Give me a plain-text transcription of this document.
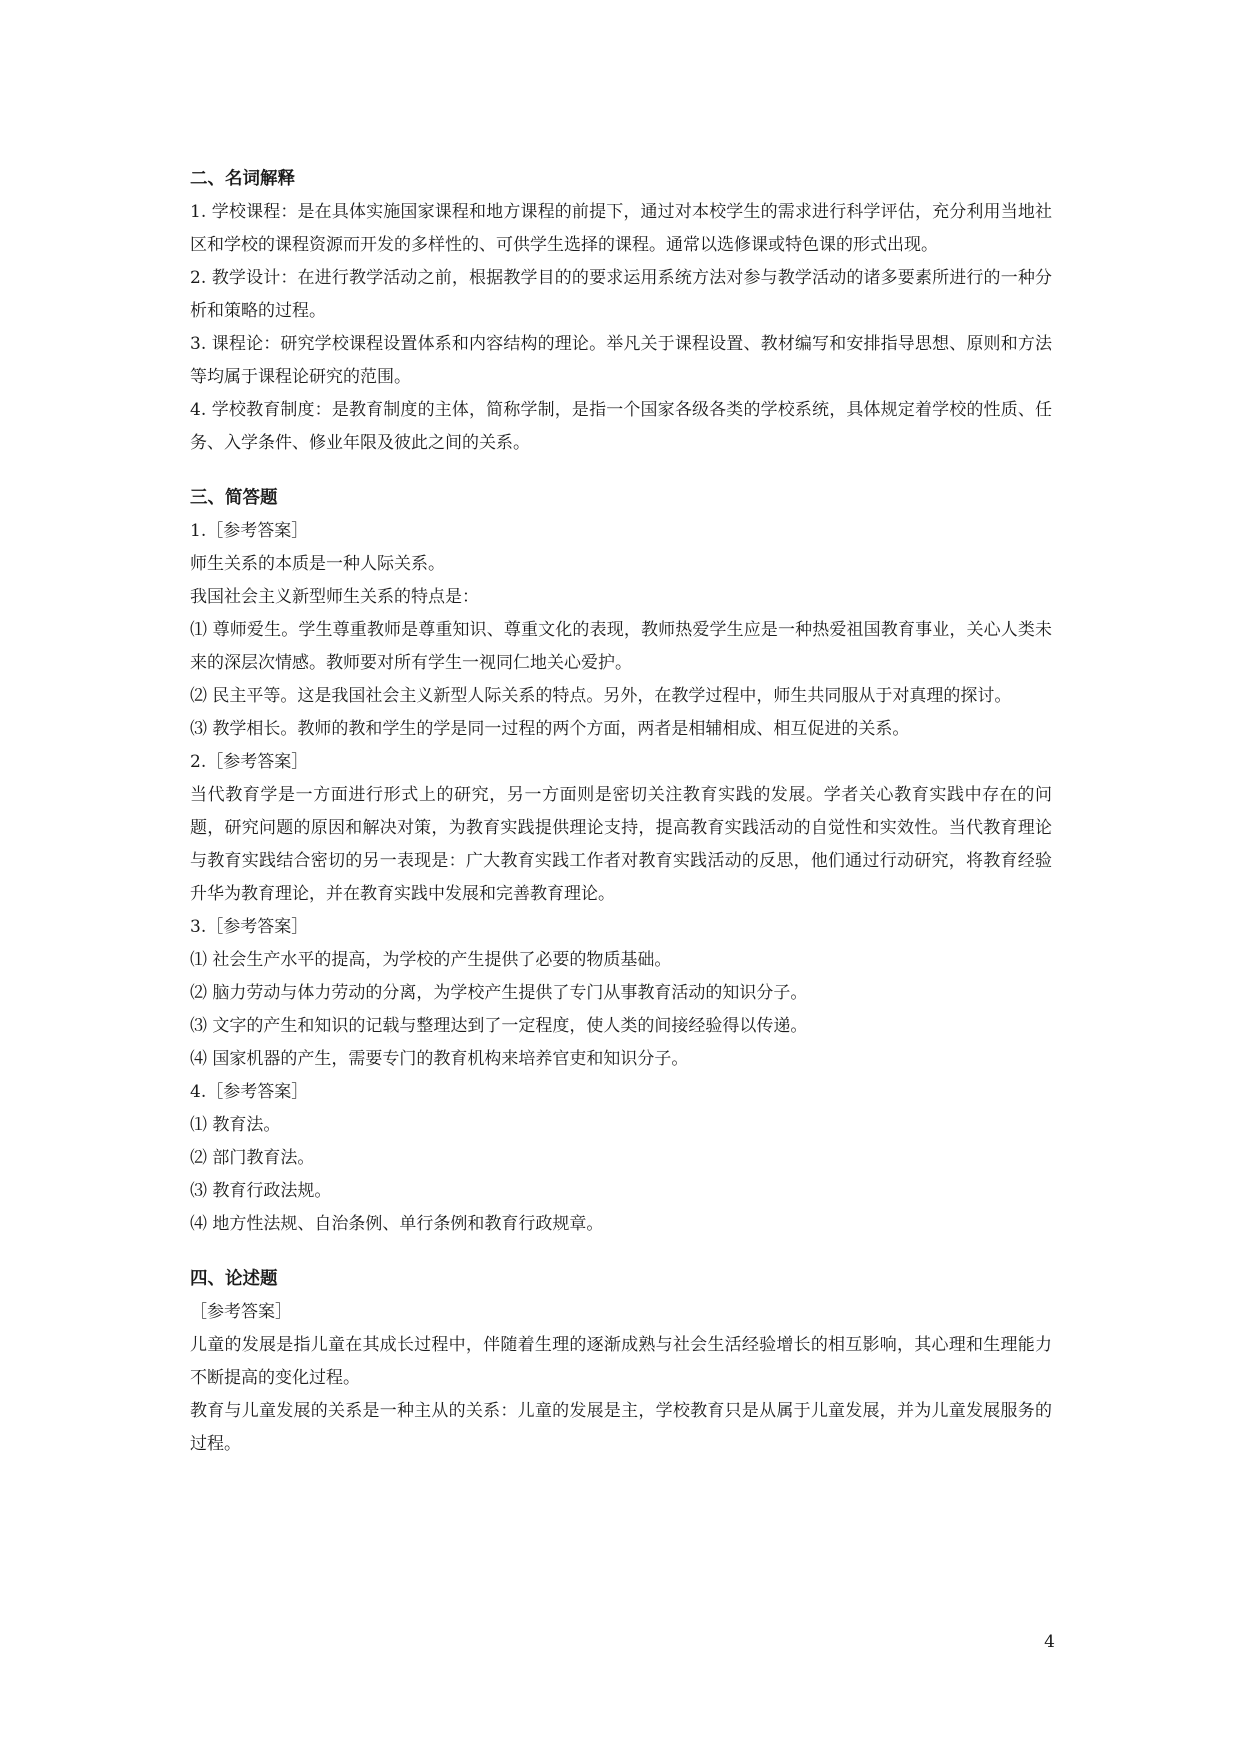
二、名词解释

1. 学校课程：是在具体实施国家课程和地方课程的前提下，通过对本校学生的需求进行科学评估，充分利用当地社区和学校的课程资源而开发的多样性的、可供学生选择的课程。通常以选修课或特色课的形式出现。

2. 教学设计：在进行教学活动之前，根据教学目的的要求运用系统方法对参与教学活动的诸多要素所进行的一种分析和策略的过程。

3. 课程论：研究学校课程设置体系和内容结构的理论。举凡关于课程设置、教材编写和安排指导思想、原则和方法等均属于课程论研究的范围。

4. 学校教育制度：是教育制度的主体，简称学制，是指一个国家各级各类的学校系统，具体规定着学校的性质、任务、入学条件、修业年限及彼此之间的关系。

三、简答题

1.［参考答案］

师生关系的本质是一种人际关系。

我国社会主义新型师生关系的特点是：

⑴ 尊师爱生。学生尊重教师是尊重知识、尊重文化的表现，教师热爱学生应是一种热爱祖国教育事业，关心人类未来的深层次情感。教师要对所有学生一视同仁地关心爱护。

⑵ 民主平等。这是我国社会主义新型人际关系的特点。另外，在教学过程中，师生共同服从于对真理的探讨。

⑶ 教学相长。教师的教和学生的学是同一过程的两个方面，两者是相辅相成、相互促进的关系。

2.［参考答案］

当代教育学是一方面进行形式上的研究，另一方面则是密切关注教育实践的发展。学者关心教育实践中存在的问题，研究问题的原因和解决对策，为教育实践提供理论支持，提高教育实践活动的自觉性和实效性。当代教育理论与教育实践结合密切的另一表现是：广大教育实践工作者对教育实践活动的反思，他们通过行动研究，将教育经验升华为教育理论，并在教育实践中发展和完善教育理论。

3.［参考答案］

⑴ 社会生产水平的提高，为学校的产生提供了必要的物质基础。

⑵ 脑力劳动与体力劳动的分离，为学校产生提供了专门从事教育活动的知识分子。

⑶ 文字的产生和知识的记载与整理达到了一定程度，使人类的间接经验得以传递。

⑷ 国家机器的产生，需要专门的教育机构来培养官吏和知识分子。

4.［参考答案］

⑴ 教育法。

⑵ 部门教育法。

⑶ 教育行政法规。

⑷ 地方性法规、自治条例、单行条例和教育行政规章。

四、论述题

［参考答案］

儿童的发展是指儿童在其成长过程中，伴随着生理的逐渐成熟与社会生活经验增长的相互影响，其心理和生理能力不断提高的变化过程。

教育与儿童发展的关系是一种主从的关系：儿童的发展是主，学校教育只是从属于儿童发展，并为儿童发展服务的过程。

4
